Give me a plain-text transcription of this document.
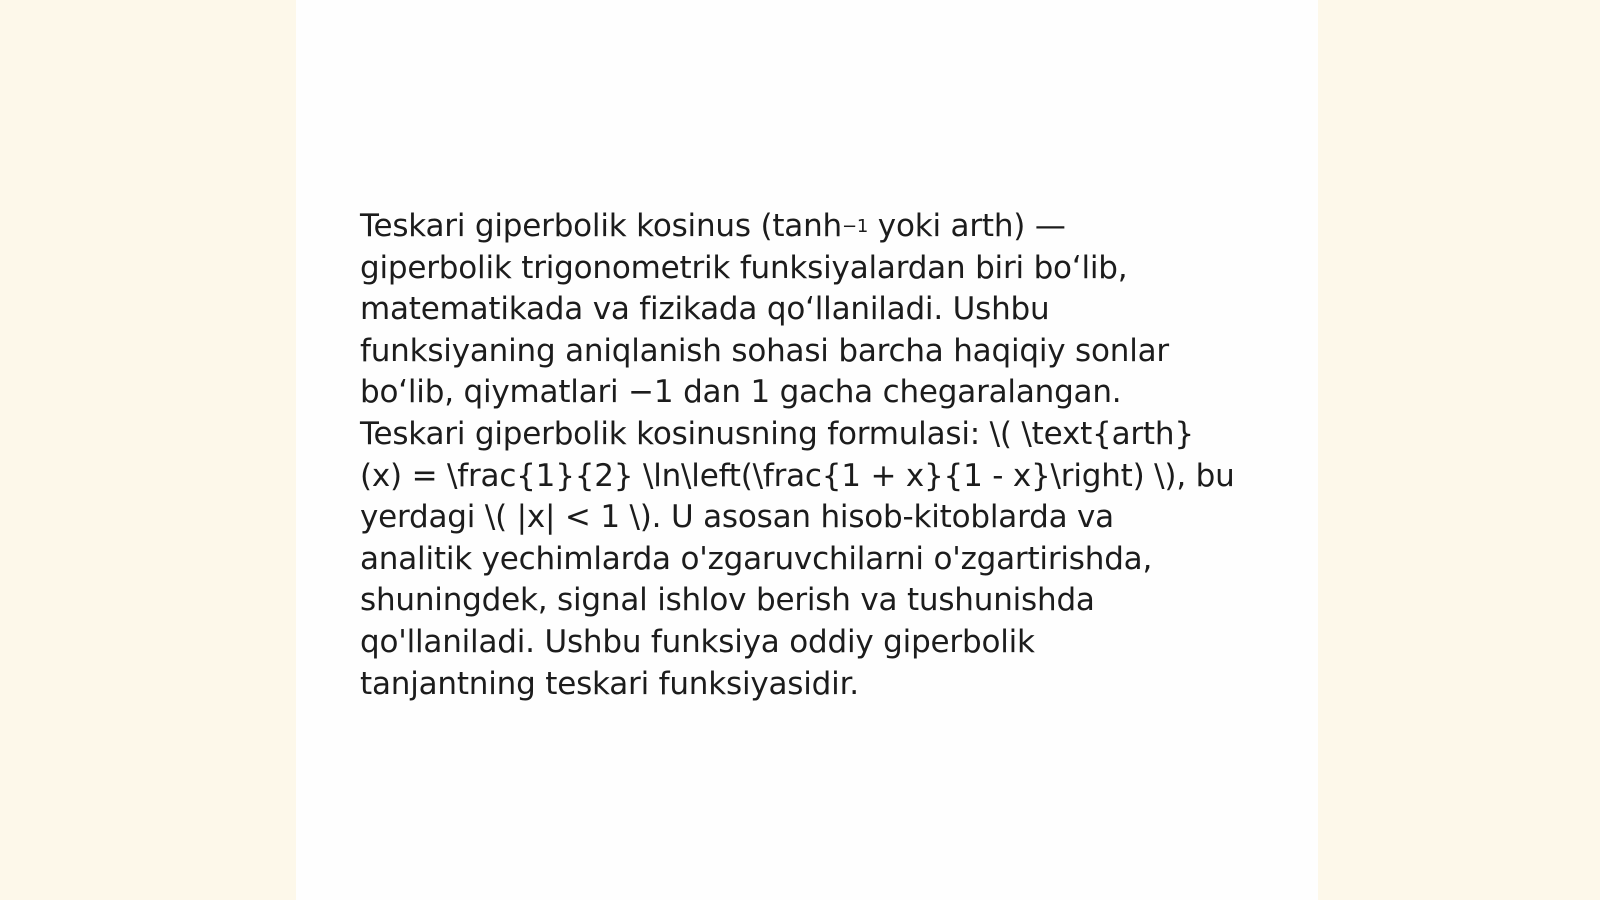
Teskari giperbolik kosinus ($\tanh^{-1}$ yoki arth) —
giperbolik trigonometrik funksiyalardan biri bo‘lib,
matematikada va fizikada qo‘llaniladi. Ushbu
funksiyaning aniqlanish sohasi barcha haqiqiy sonlar
bo‘lib, qiymatlari −1 dan 1 gacha chegaralangan.
Teskari giperbolik kosinusning formulasi: \( \text{arth}
(x) = \frac{1}{2} \ln\left(\frac{1 + x}{1 - x}\right) \), bu
yerdagi \( |x| < 1 \). U asosan hisob-kitoblarda va
analitik yechimlarda o'zgaruvchilarni o'zgartirishda,
shuningdek, signal ishlov berish va tushunishda
qo'llaniladi. Ushbu funksiya oddiy giperbolik
tanjantning teskari funksiyasidir.
